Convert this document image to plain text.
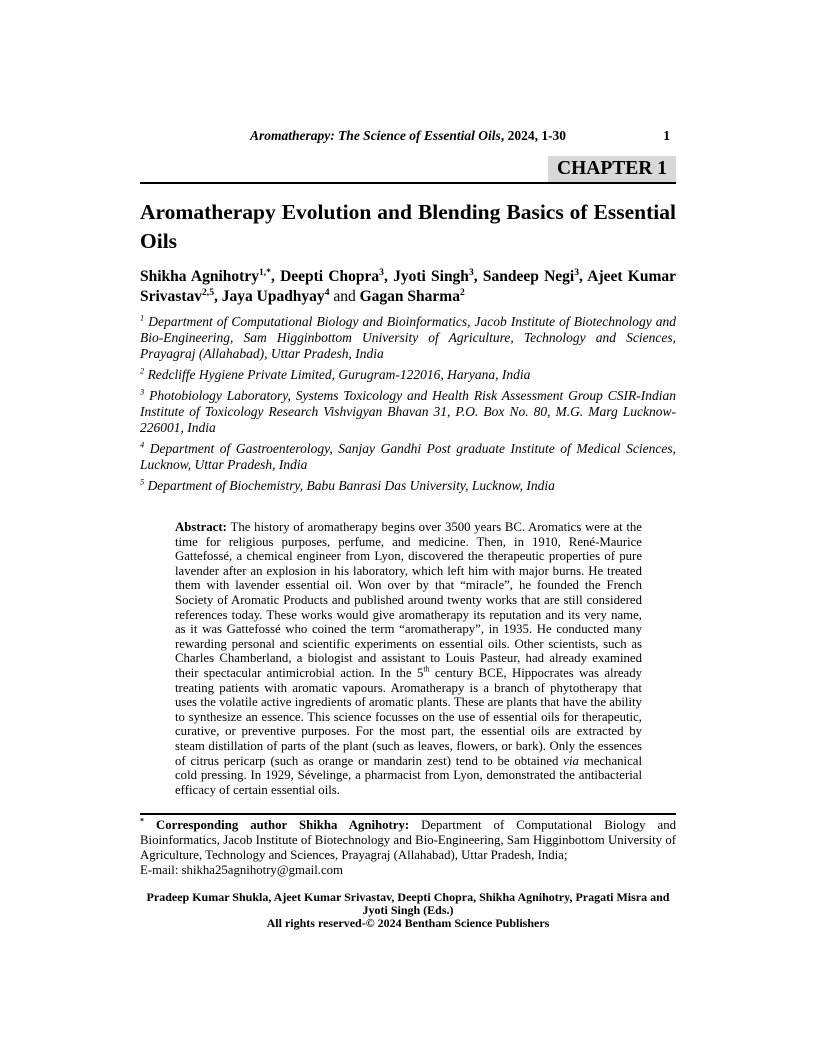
Aromatherapy: The Science of Essential Oils, 2024, 1-30	1
CHAPTER 1
Aromatherapy Evolution and Blending Basics of Essential Oils

Shikha Agnihotry$^{1,*}$, Deepti Chopra$^3$, Jyoti Singh$^3$, Sandeep Negi$^3$, Ajeet Kumar Srivastav$^{2,5}$, Jaya Upadhyay$^4$ and Gagan Sharma$^2$

$^1$ Department of Computational Biology and Bioinformatics, Jacob Institute of Biotechnology and Bio-Engineering, Sam Higginbottom University of Agriculture, Technology and Sciences, Prayagraj (Allahabad), Uttar Pradesh, India

$^2$ Redcliffe Hygiene Private Limited, Gurugram-122016, Haryana, India

$^3$ Photobiology Laboratory, Systems Toxicology and Health Risk Assessment Group CSIR-Indian Institute of Toxicology Research Vishvigyan Bhavan 31, P.O. Box No. 80, M.G. Marg Lucknow-226001, India

$^4$ Department of Gastroenterology, Sanjay Gandhi Post graduate Institute of Medical Sciences, Lucknow, Uttar Pradesh, India

$^5$ Department of Biochemistry, Babu Banrasi Das University, Lucknow, India

Abstract: The history of aromatherapy begins over 3500 years BC. Aromatics were at the time for religious purposes, perfume, and medicine. Then, in 1910, René-Maurice Gattefossé, a chemical engineer from Lyon, discovered the therapeutic properties of pure lavender after an explosion in his laboratory, which left him with major burns. He treated them with lavender essential oil. Won over by that “miracle”, he founded the French Society of Aromatic Products and published around twenty works that are still considered references today. These works would give aromatherapy its reputation and its very name, as it was Gattefossé who coined the term “aromatherapy”, in 1935. He conducted many rewarding personal and scientific experiments on essential oils. Other scientists, such as Charles Chamberland, a biologist and assistant to Louis Pasteur, had already examined their spectacular antimicrobial action. In the 5th century BCE, Hippocrates was already treating patients with aromatic vapours. Aromatherapy is a branch of phytotherapy that uses the volatile active ingredients of aromatic plants. These are plants that have the ability to synthesize an essence. This science focusses on the use of essential oils for therapeutic, curative, or preventive purposes. For the most part, the essential oils are extracted by steam distillation of parts of the plant (such as leaves, flowers, or bark). Only the essences of citrus pericarp (such as orange or mandarin zest) tend to be obtained via mechanical cold pressing. In 1929, Sévelinge, a pharmacist from Lyon, demonstrated the antibacterial efficacy of certain essential oils.

* Corresponding author Shikha Agnihotry: Department of Computational Biology and Bioinformatics, Jacob Institute of Biotechnology and Bio-Engineering, Sam Higginbottom University of Agriculture, Technology and Sciences, Prayagraj (Allahabad), Uttar Pradesh, India;

E-mail: shikha25agnihotry@gmail.com

Pradeep Kumar Shukla, Ajeet Kumar Srivastav, Deepti Chopra, Shikha Agnihotry, Pragati Misra and Jyoti Singh (Eds.)

All rights reserved-© 2024 Bentham Science Publishers
